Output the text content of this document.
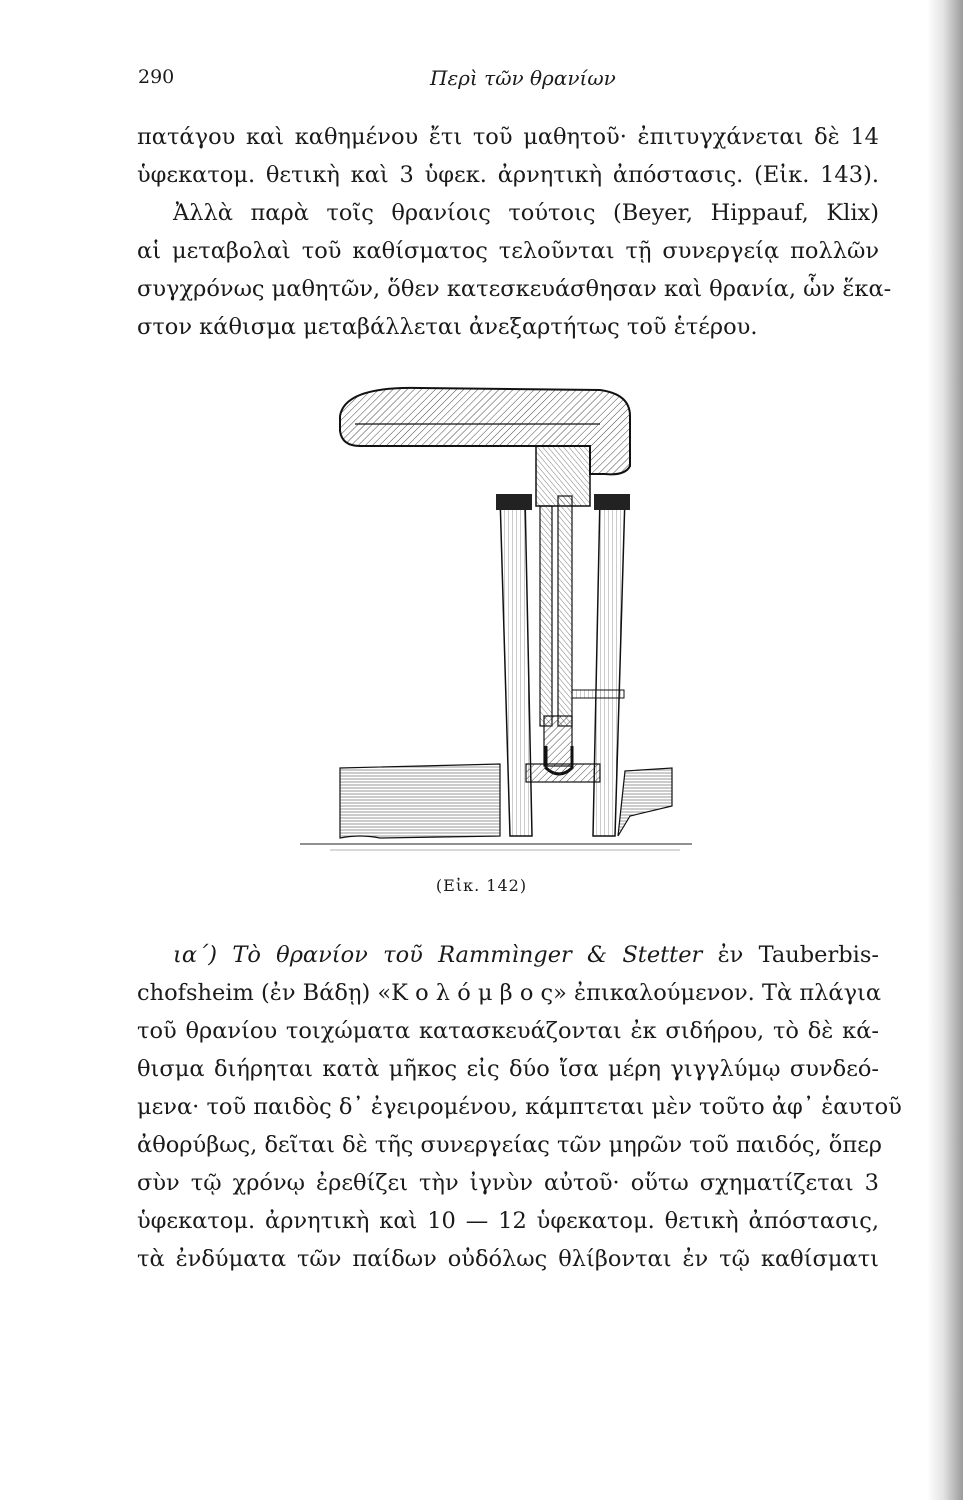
290	Περὶ τῶν θρανίων
πατάγου καὶ καθημένου ἔτι τοῦ μαθητοῦ· ἐπιτυγχάνεται δὲ 14
ὑφεκατομ. θετικὴ καὶ 3 ὑφεκ. ἀρνητικὴ ἀπόστασις. (Εἰκ. 143).
Ἀλλὰ παρὰ τοῖς θρανίοις τούτοις (Beyer, Hippauf, Klix)
αἱ μεταβολαὶ τοῦ καθίσματος τελοῦνται τῇ συνεργείᾳ πολλῶν
συγχρόνως μαθητῶν, ὅθεν κατεσκευάσθησαν καὶ θρανία, ὧν ἕκα-
στον κάθισμα μεταβάλλεται ἀνεξαρτήτως τοῦ ἑτέρου.
(Εἰκ. 142)
ια΄) Τὸ θρανίον τοῦ Rammìnger & Stetter ἐν Tauberbis-
chofsheim (ἐν Βάδῃ) «Κ ο λ ό μ β ο ς» ἐπικαλούμενον. Τὰ πλάγια
τοῦ θρανίου τοιχώματα κατασκευάζονται ἐκ σιδήρου, τὸ δὲ κά-
θισμα διήρηται κατὰ μῆκος εἰς δύο ἴσα μέρη γιγγλύμῳ συνδεό-
μενα· τοῦ παιδὸς δ᾽ ἐγειρομένου, κάμπτεται μὲν τοῦτο ἀφ᾽ ἑαυτοῦ
ἀθορύβως, δεῖται δὲ τῆς συνεργείας τῶν μηρῶν τοῦ παιδός, ὅπερ
σὺν τῷ χρόνῳ ἐρεθίζει τὴν ἰγνὺν αὐτοῦ· οὕτω σχηματίζεται 3
ὑφεκατομ. ἀρνητικὴ καὶ 10 — 12 ὑφεκατομ. θετικὴ ἀπόστασις,
τὰ ἐνδύματα τῶν παίδων οὐδόλως θλίβονται ἐν τῷ καθίσματι
